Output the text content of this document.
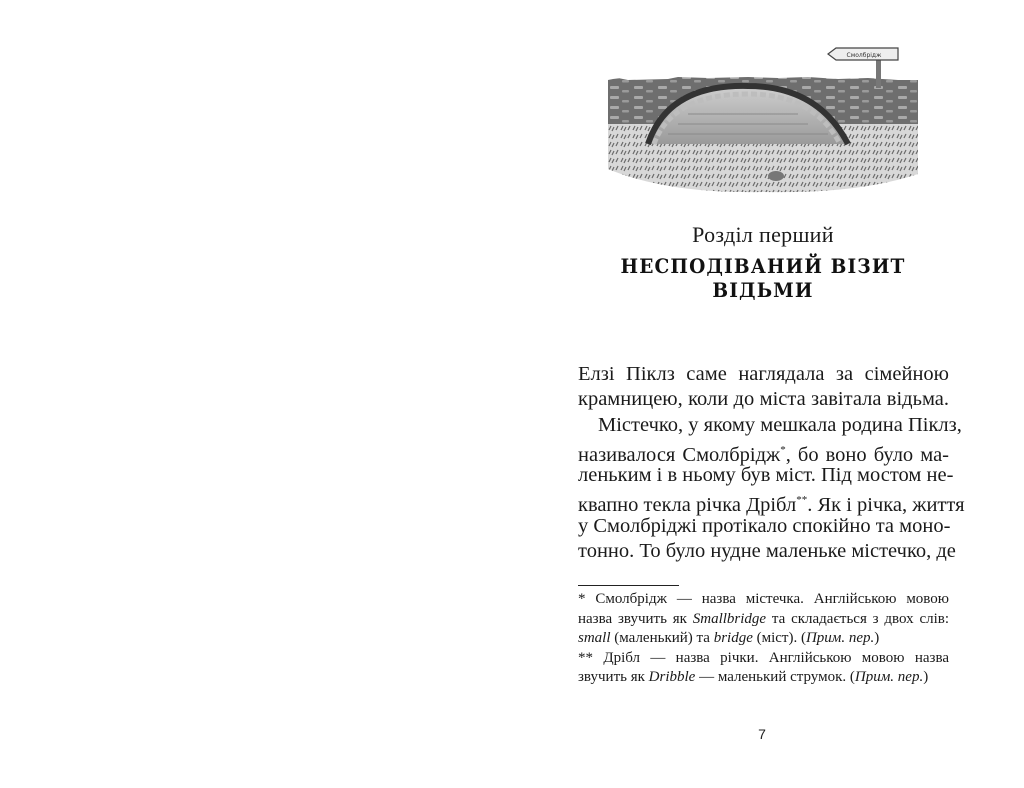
Смолбрідж
Розділ перший
НЕСПОДІВАНИЙ ВІЗИТ ВІДЬМИ
Елзі Піклз саме наглядала за сімейною
крамницею, коли до міста завітала відьма.
Містечко, у якому мешкала родина Піклз,
називалося Смолбрідж*, бо воно було ма-
леньким і в ньому був міст. Під мостом не-
квапно текла річка Дрібл**. Як і річка, життя
у Смолбріджі протікало спокійно та моно-
тонно. То було нудне маленьке містечко, де
* Смолбрідж — назва містечка. Англійською мовою
назва звучить як Smallbridge та складається з двох слів:
small (маленький) та bridge (міст). (Прим. пер.)
** Дрібл — назва річки. Англійською мовою назва
звучить як Dribble — маленький струмок. (Прим. пер.)
7
